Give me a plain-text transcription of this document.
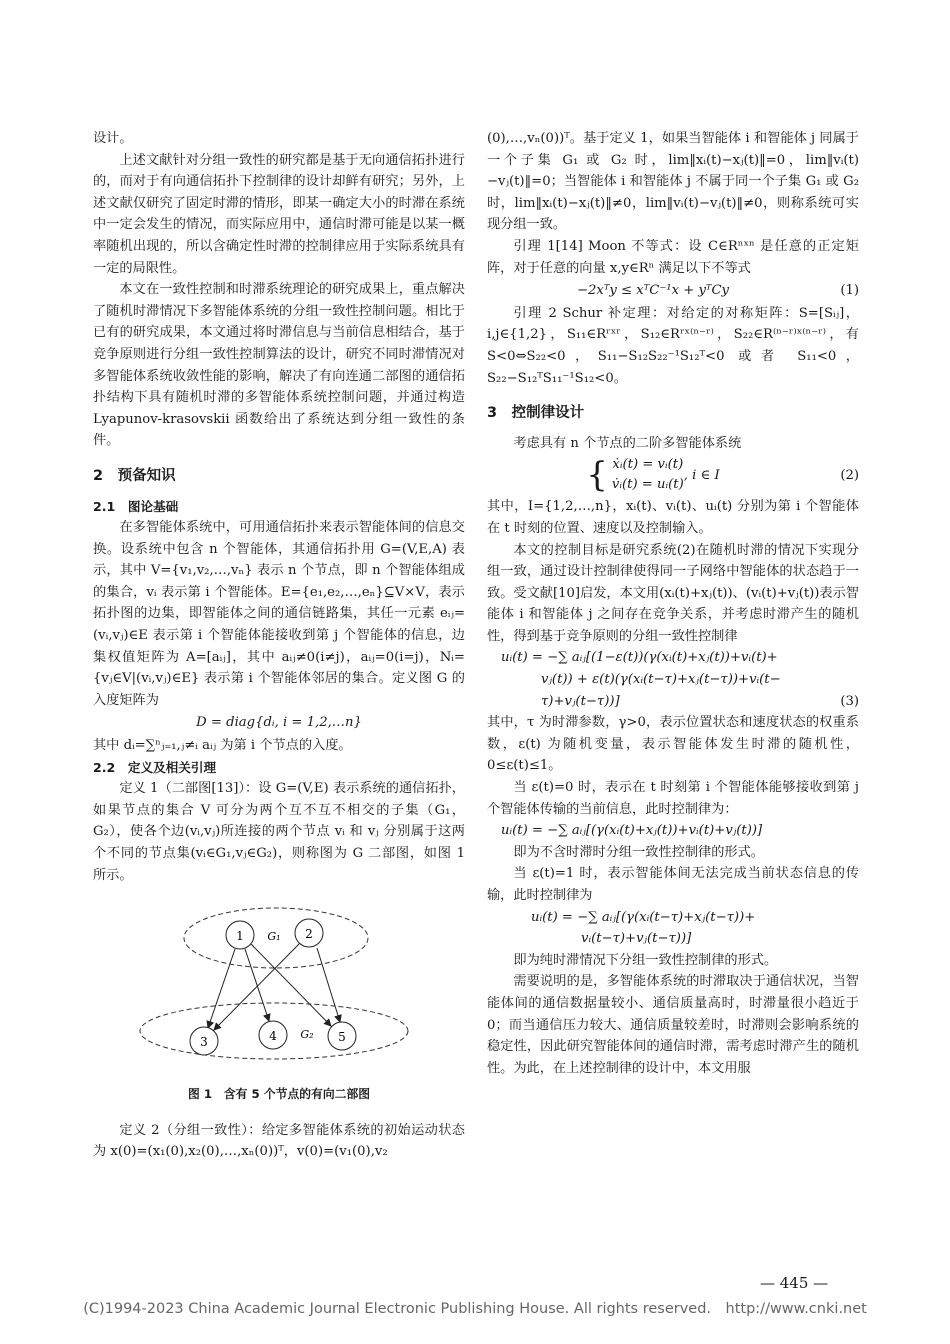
设计。

上述文献针对分组一致性的研究都是基于无向通信拓扑进行的，而对于有向通信拓扑下控制律的设计却鲜有研究；另外，上述文献仅研究了固定时滞的情形，即某一确定大小的时滞在系统中一定会发生的情况，而实际应用中，通信时滞可能是以某一概率随机出现的，所以含确定性时滞的控制律应用于实际系统具有一定的局限性。

本文在一致性控制和时滞系统理论的研究成果上，重点解决了随机时滞情况下多智能体系统的分组一致性控制问题。相比于已有的研究成果，本文通过将时滞信息与当前信息相结合，基于竞争原则进行分组一致性控制算法的设计，研究不同时滞情况对多智能体系统收敛性能的影响，解决了有向连通二部图的通信拓扑结构下具有随机时滞的多智能体系统控制问题，并通过构造 Lyapunov-krasovskii 函数给出了系统达到分组一致性的条件。

2　预备知识
2.1　图论基础

在多智能体系统中，可用通信拓扑来表示智能体间的信息交换。设系统中包含 n 个智能体，其通信拓扑用 G=(V,E,A) 表示，其中 V={v₁,v₂,…,vₙ} 表示 n 个节点，即 n 个智能体组成的集合，vᵢ 表示第 i 个智能体。E={e₁,e₂,…,eₙ}⊆V×V，表示拓扑图的边集，即智能体之间的通信链路集，其任一元素 eᵢⱼ=(vᵢ,vⱼ)∈E 表示第 i 个智能体能接收到第 j 个智能体的信息，边集权值矩阵为 A=[aᵢⱼ]，其中 aᵢⱼ≠0(i≠j)，aᵢⱼ=0(i=j)，Nᵢ={vⱼ∈V|(vᵢ,vⱼ)∈E} 表示第 i 个智能体邻居的集合。定义图 G 的入度矩阵为

D = diag{dᵢ, i = 1,2,…n}

其中 dᵢ=∑ⁿⱼ₌₁,ⱼ≠ᵢ aᵢⱼ 为第 i 个节点的入度。

2.2　定义及相关引理

定义 1（二部图[13]）：设 G=(V,E) 表示系统的通信拓扑，如果节点的集合 V 可分为两个互不互不相交的子集（G₁，G₂），使各个边(vᵢ,vⱼ)所连接的两个节点 vᵢ 和 vⱼ 分别属于这两个不同的节点集(vᵢ∈G₁,vⱼ∈G₂)，则称图为 G 二部图，如图 1 所示。

1	2
3	4	5
G₁
G₂
图 1　含有 5 个节点的有向二部图

定义 2（分组一致性）：给定多智能体系统的初始运动状态为 x(0)=(x₁(0),x₂(0),…,xₙ(0))ᵀ，v(0)=(v₁(0),v₂

(0),…,vₙ(0))ᵀ。基于定义 1，如果当智能体 i 和智能体 j 同属于一个子集 G₁ 或 G₂ 时，lim‖xᵢ(t)−xⱼ(t)‖=0，lim‖vᵢ(t)−vⱼ(t)‖=0；当智能体 i 和智能体 j 不属于同一个子集 G₁ 或 G₂ 时，lim‖xᵢ(t)−xⱼ(t)‖≠0，lim‖vᵢ(t)−vⱼ(t)‖≠0，则称系统可实现分组一致。

引理 1[14] Moon 不等式：设 C∈Rⁿˣⁿ 是任意的正定矩阵，对于任意的向量 x,y∈Rⁿ 满足以下不等式

−2xᵀy ≤ xᵀC⁻¹x + yᵀCy	(1)

引理 2 Schur 补定理：对给定的对称矩阵：S=[Sᵢⱼ]，i,j∈{1,2}，S₁₁∈Rʳˣʳ，S₁₂∈Rʳˣ⁽ⁿ⁻ʳ⁾，S₂₂∈R⁽ⁿ⁻ʳ⁾ˣ⁽ⁿ⁻ʳ⁾，有 S<0⇔S₂₂<0，S₁₁−S₁₂S₂₂⁻¹S₁₂ᵀ<0 或者 S₁₁<0，S₂₂−S₁₂ᵀS₁₁⁻¹S₁₂<0。

3　控制律设计

考虑具有 n 个节点的二阶多智能体系统

{ ẋᵢ(t) = vᵢ(t)
v̇ᵢ(t) = uᵢ(t)
, i ∈ I	(2)

其中，I={1,2,…,n}，xᵢ(t)、vᵢ(t)、uᵢ(t) 分别为第 i 个智能体在 t 时刻的位置、速度以及控制输入。

本文的控制目标是研究系统(2)在随机时滞的情况下实现分组一致，通过设计控制律使得同一子网络中智能体的状态趋于一致。受文献[10]启发，本文用(xᵢ(t)+xⱼ(t))、(vᵢ(t)+vⱼ(t))表示智能体 i 和智能体 j 之间存在竞争关系，并考虑时滞产生的随机性，得到基于竞争原则的分组一致性控制律

uᵢ(t) = −∑ aᵢⱼ[(1−ε(t))(γ(xᵢ(t)+xⱼ(t))+vᵢ(t)+
vⱼ(t)) + ε(t)(γ(xᵢ(t−τ)+xⱼ(t−τ))+vᵢ(t−
τ)+vⱼ(t−τ))]	(3)

其中，τ 为时滞参数，γ>0，表示位置状态和速度状态的权重系数，ε(t) 为随机变量，表示智能体发生时滞的随机性，0≤ε(t)≤1。

当 ε(t)=0 时，表示在 t 时刻第 i 个智能体能够接收到第 j 个智能体传输的当前信息，此时控制律为：

uᵢ(t) = −∑ aᵢⱼ[(γ(xᵢ(t)+xⱼ(t))+vᵢ(t)+vⱼ(t))]

即为不含时滞时分组一致性控制律的形式。

当 ε(t)=1 时，表示智能体间无法完成当前状态信息的传输，此时控制律为

uᵢ(t) = −∑ aᵢⱼ[(γ(xᵢ(t−τ)+xⱼ(t−τ))+
vᵢ(t−τ)+vⱼ(t−τ))]

即为纯时滞情况下分组一致性控制律的形式。

需要说明的是，多智能体系统的时滞取决于通信状况，当智能体间的通信数据量较小、通信质量高时，时滞量很小趋近于 0；而当通信压力较大、通信质量较差时，时滞则会影响系统的稳定性，因此研究智能体间的通信时滞，需考虑时滞产生的随机性。为此，在上述控制律的设计中，本文用服

— 445 —
(C)1994-2023 China Academic Journal Electronic Publishing House. All rights reserved.　http://www.cnki.net
